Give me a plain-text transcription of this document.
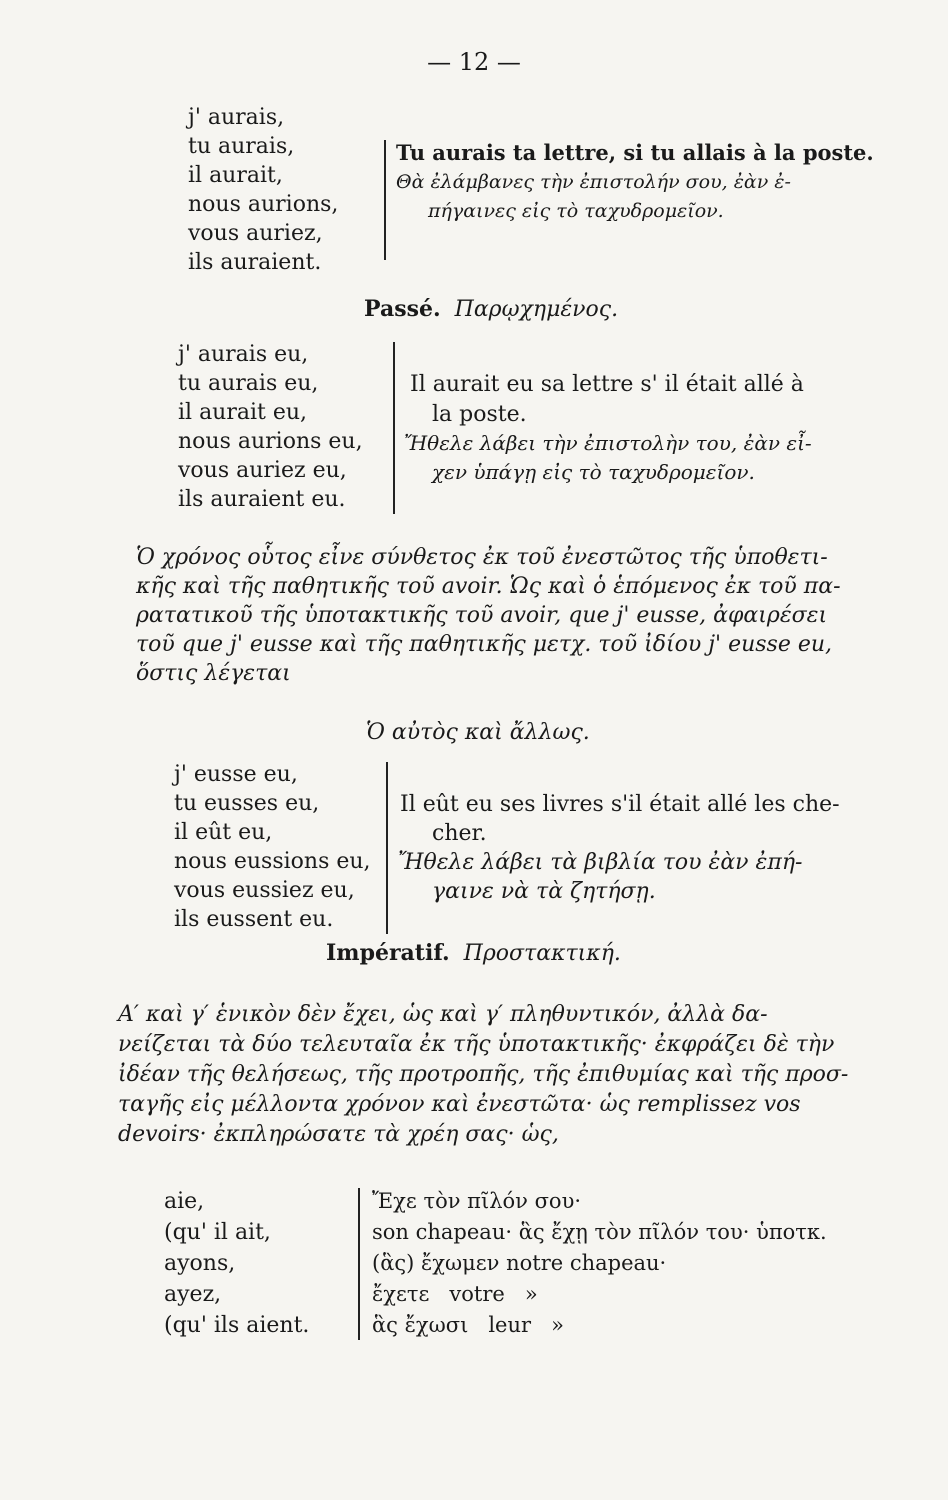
— 12 —
j' aurais,
tu aurais,
il aurait,
nous aurions,
vous auriez,
ils auraient.
Tu aurais ta lettre, si tu allais à la poste.
Θὰ ἐλάμβανες τὴν ἐπιστολήν σου, ἐὰν ἐ-
πήγαινες εἰς τὸ ταχυδρομεῖον.
Passé. Παρῳχημένος.
j' aurais eu,
tu aurais eu,
il aurait eu,
nous aurions eu,
vous auriez eu,
ils auraient eu.
Il aurait eu sa lettre s' il était allé à
la poste.
Ἤθελε λάβει τὴν ἐπιστολὴν του, ἐὰν εἶ-
χεν ὑπάγῃ εἰς τὸ ταχυδρομεῖον.
Ὁ χρόνος οὗτος εἶνε σύνθετος ἐκ τοῦ ἐνεστῶτος τῆς ὑποθετι-
κῆς καὶ τῆς παθητικῆς τοῦ avoir. Ὡς καὶ ὁ ἑπόμενος ἐκ τοῦ πα-
ρατατικοῦ τῆς ὑποτακτικῆς τοῦ avoir, que j' eusse, ἀφαιρέσει
τοῦ que j' eusse καὶ τῆς παθητικῆς μετχ. τοῦ ἰδίου j' eusse eu,
ὅστις λέγεται
Ὁ αὐτὸς καὶ ἄλλως.
j' eusse eu,
tu eusses eu,
il eût eu,
nous eussions eu,
vous eussiez eu,
ils eussent eu.
Il eût eu ses livres s'il était allé les che-
cher.
Ἤθελε λάβει τὰ βιβλία του ἐὰν ἐπή-
γαινε νὰ τὰ ζητήσῃ.
Impératif. Προστακτική.
Α′ καὶ γ′ ἑνικὸν δὲν ἔχει, ὡς καὶ γ′ πληθυντικόν, ἀλλὰ δα-
νείζεται τὰ δύο τελευταῖα ἐκ τῆς ὑποτακτικῆς· ἐκφράζει δὲ τὴν
ἰδέαν τῆς θελήσεως, τῆς προτροπῆς, τῆς ἐπιθυμίας καὶ τῆς προσ-
ταγῆς εἰς μέλλοντα χρόνον καὶ ἐνεστῶτα· ὡς remplissez vos
devoirs· ἐκπληρώσατε τὰ χρέη σας· ὡς,
aie,
(qu' il ait,
ayons,
ayez,
(qu' ils aient.
Ἔχε τὸν πῖλόν σου·
son chapeau· ἃς ἔχῃ τὸν πῖλόν του· ὑποτκ.
(ἃς) ἔχωμεν notre chapeau·
ἔχετε   votre   »
ἃς ἔχωσι   leur   »
